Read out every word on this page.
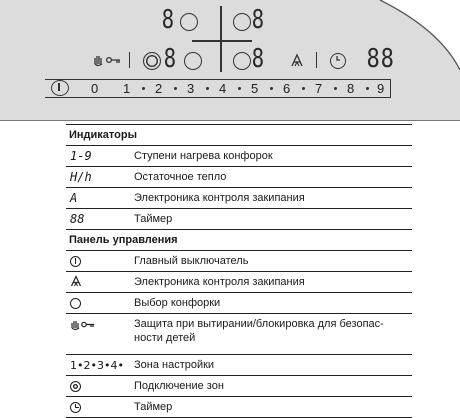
8	8
8	8	88
0 1 2 3 4 5 6 7 8 9
Индикаторы	
1-9	Ступени нагрева конфорок
H/h	Остаточное тепло
A	Электроника контроля закипания
88	Таймер
Панель управления	
	Главный выключатель
	Электроника контроля закипания
	Выбор конфорки
	Защита при вытирании/блокировка для безопас-ности детей
1•2•3•4•	Зона настройки
	Подключение зон
	Таймер
